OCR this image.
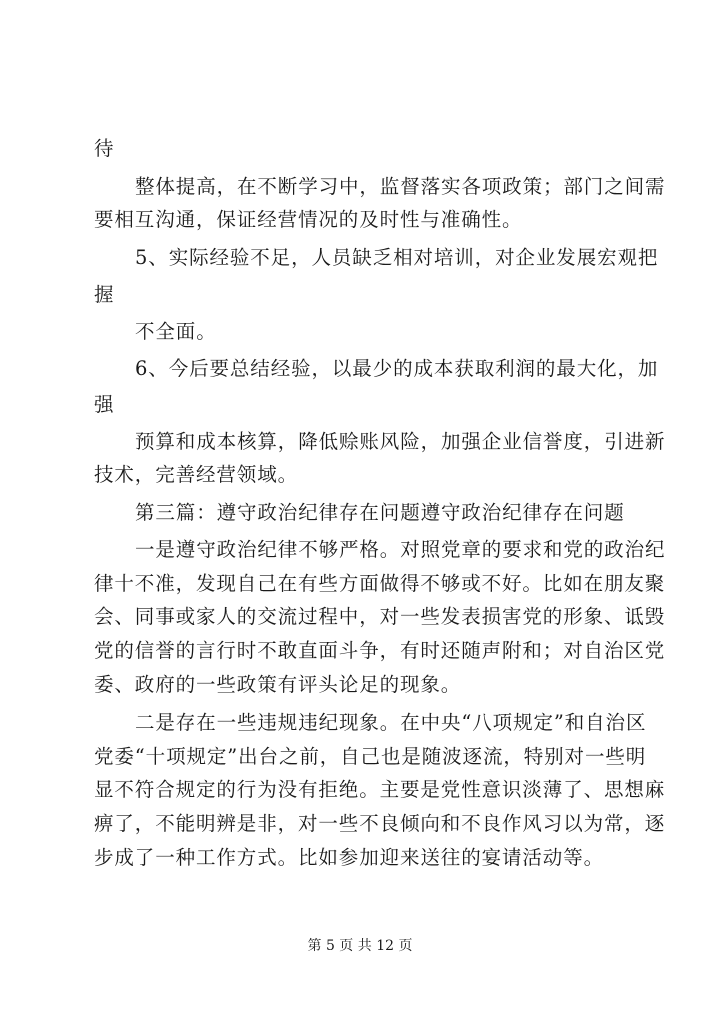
待
整体提高，在不断学习中，监督落实各项政策；部门之间需
要相互沟通，保证经营情况的及时性与准确性。
5、实际经验不足，人员缺乏相对培训，对企业发展宏观把
握
不全面。
6、今后要总结经验，以最少的成本获取利润的最大化，加
强
预算和成本核算，降低赊账风险，加强企业信誉度，引进新
技术，完善经营领域。
第三篇：遵守政治纪律存在问题遵守政治纪律存在问题
一是遵守政治纪律不够严格。对照党章的要求和党的政治纪
律十不准，发现自己在有些方面做得不够或不好。比如在朋友聚
会、同事或家人的交流过程中，对一些发表损害党的形象、诋毁
党的信誉的言行时不敢直面斗争，有时还随声附和；对自治区党
委、政府的一些政策有评头论足的现象。
二是存在一些违规违纪现象。在中央“八项规定”和自治区
党委“十项规定”出台之前，自己也是随波逐流，特别对一些明
显不符合规定的行为没有拒绝。主要是党性意识淡薄了、思想麻
痹了，不能明辨是非，对一些不良倾向和不良作风习以为常，逐
步成了一种工作方式。比如参加迎来送往的宴请活动等。
第 5 页 共 12 页
